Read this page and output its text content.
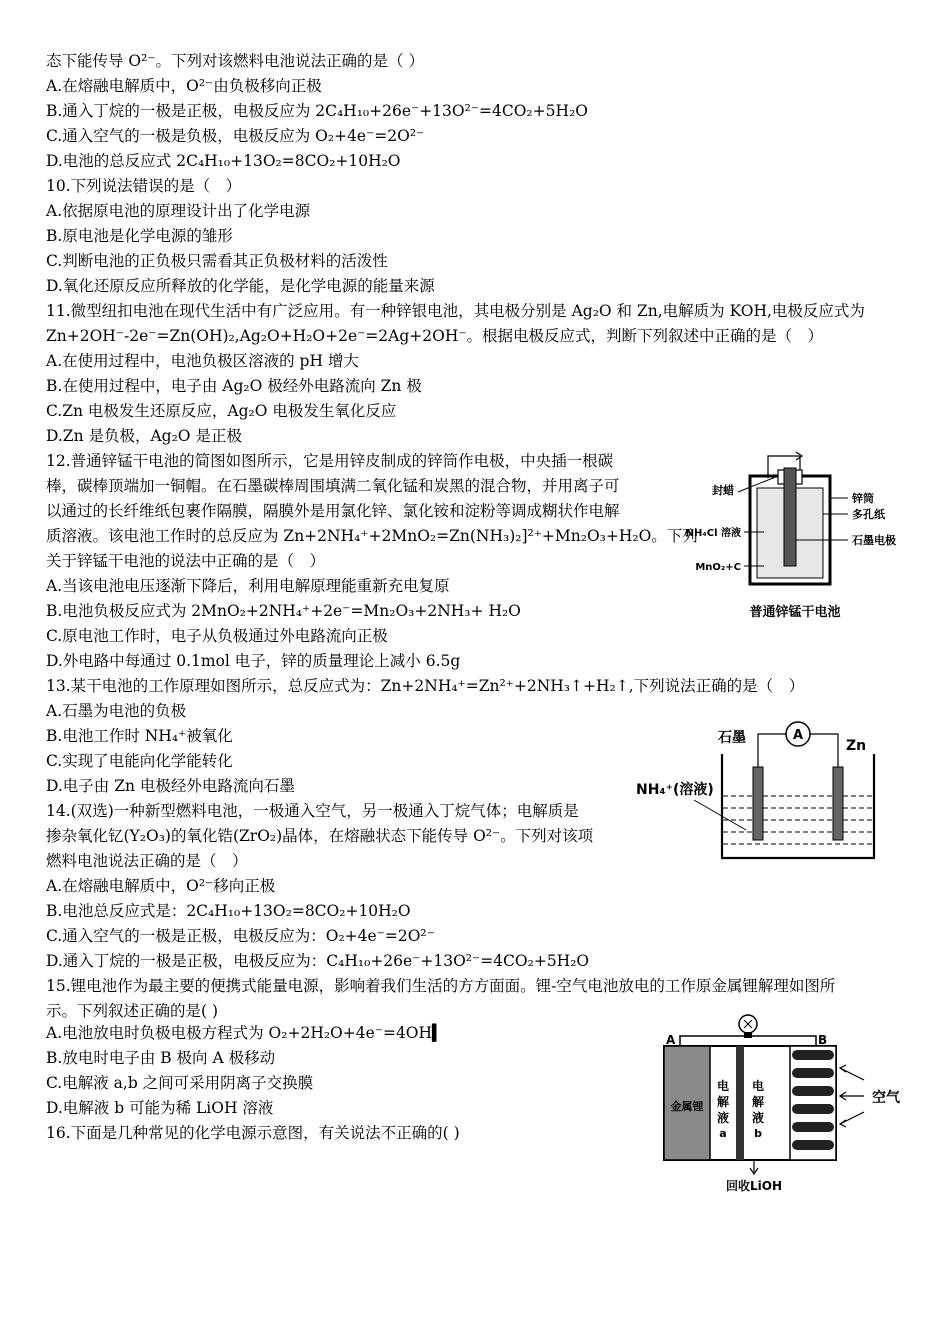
态下能传导 O²⁻。下列对该燃料电池说法正确的是（ ）
A.在熔融电解质中，O²⁻由负极移向正极
B.通入丁烷的一极是正极，电极反应为 2C₄H₁₀+26e⁻+13O²⁻=4CO₂+5H₂O
C.通入空气的一极是负极，电极反应为 O₂+4e⁻=2O²⁻
D.电池的总反应式 2C₄H₁₀+13O₂=8CO₂+10H₂O
10.下列说法错误的是（　）
A.依据原电池的原理设计出了化学电源
B.原电池是化学电源的雏形
C.判断电池的正负极只需看其正负极材料的活泼性
D.氧化还原反应所释放的化学能，是化学电源的能量来源
11.微型纽扣电池在现代生活中有广泛应用。有一种锌银电池，其电极分别是 Ag₂O 和 Zn,电解质为 KOH,电极反应式为
Zn+2OH⁻-2e⁻=Zn(OH)₂,Ag₂O+H₂O+2e⁻=2Ag+2OH⁻。根据电极反应式，判断下列叙述中正确的是（　）
A.在使用过程中，电池负极区溶液的 pH 增大
B.在使用过程中，电子由 Ag₂O 极经外电路流向 Zn 极
C.Zn 电极发生还原反应，Ag₂O 电极发生氧化反应
D.Zn 是负极，Ag₂O 是正极
12.普通锌锰干电池的简图如图所示，它是用锌皮制成的锌筒作电极，中央插一根碳
棒，碳棒顶端加一铜帽。在石墨碳棒周围填满二氧化锰和炭黑的混合物，并用离子可
以通过的长纤维纸包裹作隔膜，隔膜外是用氯化锌、氯化铵和淀粉等调成糊状作电解
质溶液。该电池工作时的总反应为 Zn+2NH₄⁺+2MnO₂=Zn(NH₃)₂]²⁺+Mn₂O₃+H₂O。下列
关于锌锰干电池的说法中正确的是（　）
A.当该电池电压逐渐下降后，利用电解原理能重新充电复原
B.电池负极反应式为 2MnO₂+2NH₄⁺+2e⁻=Mn₂O₃+2NH₃+ H₂O
C.原电池工作时，电子从负极通过外电路流向正极
D.外电路中每通过 0.1mol 电子，锌的质量理论上减小 6.5g
13.某干电池的工作原理如图所示，总反应式为：Zn+2NH₄⁺=Zn²⁺+2NH₃↑+H₂↑,下列说法正确的是（　）
A.石墨为电池的负极
B.电池工作时 NH₄⁺被氧化
C.实现了电能向化学能转化
D.电子由 Zn 电极经外电路流向石墨
14.(双选)一种新型燃料电池，一极通入空气，另一极通入丁烷气体；电解质是
掺杂氧化钇(Y₂O₃)的氧化锆(ZrO₂)晶体，在熔融状态下能传导 O²⁻。下列对该项
燃料电池说法正确的是（　）
A.在熔融电解质中，O²⁻移向正极
B.电池总反应式是：2C₄H₁₀+13O₂=8CO₂+10H₂O
C.通入空气的一极是正极，电极反应为：O₂+4e⁻=2O²⁻
D.通入丁烷的一极是正极，电极反应为：C₄H₁₀+26e⁻+13O²⁻=4CO₂+5H₂O
15.锂电池作为最主要的便携式能量电源，影响着我们生活的方方面面。锂-空气电池放电的工作原金属锂解理如图所
示。下列叙述正确的是( )
A.电池放电时负极电极方程式为 O₂+2H₂O+4e⁻=4OH▍
B.放电时电子由 B 极向 A 极移动
C.电解液 a,b 之间可采用阴离子交换膜
D.电解液 b 可能为稀 LiOH 溶液
16.下面是几种常见的化学电源示意图，有关说法不正确的( )
封蜡
锌筒
多孔纸
NH₄Cl 溶液
石墨电极
MnO₂+C
普通锌锰干电池
A
石墨	Zn
NH₄⁺(溶液)
A	B
金属锂
电
解
液
a
电
解
液
b
空气
回收LiOH
